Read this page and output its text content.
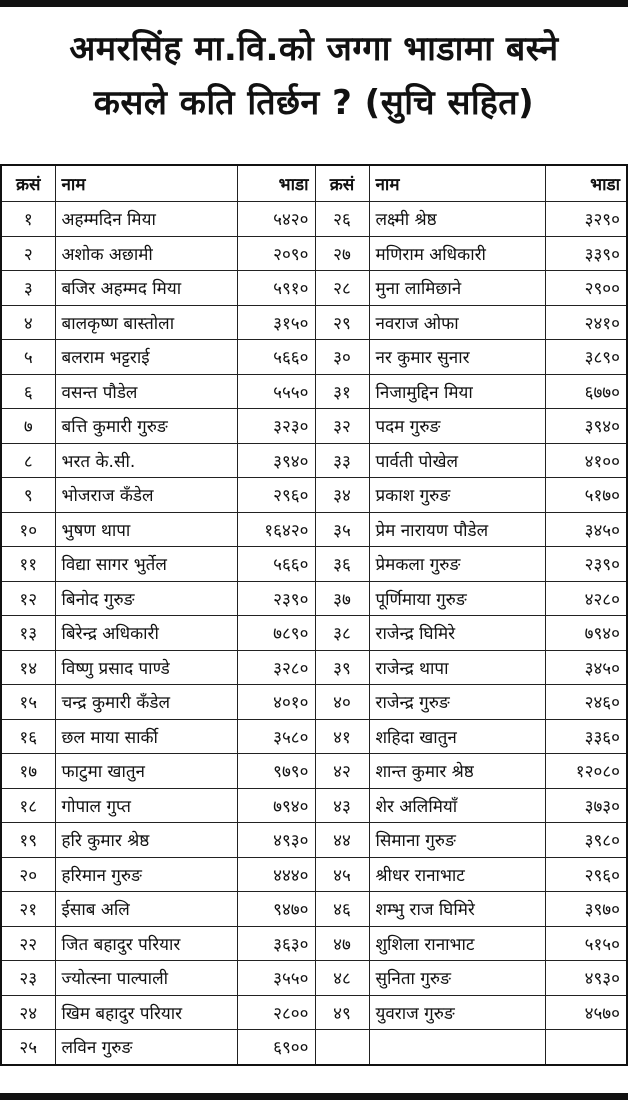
अमरसिंह मा.वि.को जग्गा भाडामा बस्ने
कसले कति तिर्छन ? (सुचि सहित)
क्रसं	नाम	भाडा	क्रसं	नाम	भाडा
१	अहम्मदिन मिया	५४२०	२६	लक्ष्मी श्रेष्ठ	३२९०
२	अशोक अछामी	२०९०	२७	मणिराम अधिकारी	३३९०
३	बजिर अहम्मद मिया	५९१०	२८	मुना लामिछाने	२९००
४	बालकृष्ण बास्तोला	३१५०	२९	नवराज ओफा	२४१०
५	बलराम भट्टराई	५६६०	३०	नर कुमार सुनार	३८९०
६	वसन्त पौडेल	५५५०	३१	निजामुद्दिन मिया	६७७०
७	बत्ति कुमारी गुरुङ	३२३०	३२	पदम गुरुङ	३९४०
८	भरत के.सी.	३९४०	३३	पार्वती पोखेल	४१००
९	भोजराज कँडेल	२९६०	३४	प्रकाश गुरुङ	५१७०
१०	भुषण थापा	१६४२०	३५	प्रेम नारायण पौडेल	३४५०
११	विद्या सागर भुर्तेल	५६६०	३६	प्रेमकला गुरुङ	२३९०
१२	बिनोद गुरुङ	२३९०	३७	पूर्णिमाया गुरुङ	४२८०
१३	बिरेन्द्र अधिकारी	७८९०	३८	राजेन्द्र घिमिरे	७९४०
१४	विष्णु प्रसाद पाण्डे	३२८०	३९	राजेन्द्र थापा	३४५०
१५	चन्द्र कुमारी कँडेल	४०१०	४०	राजेन्द्र गुरुङ	२४६०
१६	छल माया सार्की	३५८०	४१	शहिदा खातुन	३३६०
१७	फाटुमा खातुन	९७९०	४२	शान्त कुमार श्रेष्ठ	१२०८०
१८	गोपाल गुप्त	७९४०	४३	शेर अलिमियाँ	३७३०
१९	हरि कुमार श्रेष्ठ	४९३०	४४	सिमाना गुरुङ	३९८०
२०	हरिमान गुरुङ	४४४०	४५	श्रीधर रानाभाट	२९६०
२१	ईसाब अलि	९४७०	४६	शम्भु राज घिमिरे	३९७०
२२	जित बहादुर परियार	३६३०	४७	शुशिला रानाभाट	५१५०
२३	ज्योत्स्ना पाल्पाली	३५५०	४८	सुनिता गुरुङ	४९३०
२४	खिम बहादुर परियार	२८००	४९	युवराज गुरुङ	४५७०
२५	लविन गुरुङ	६९००			
